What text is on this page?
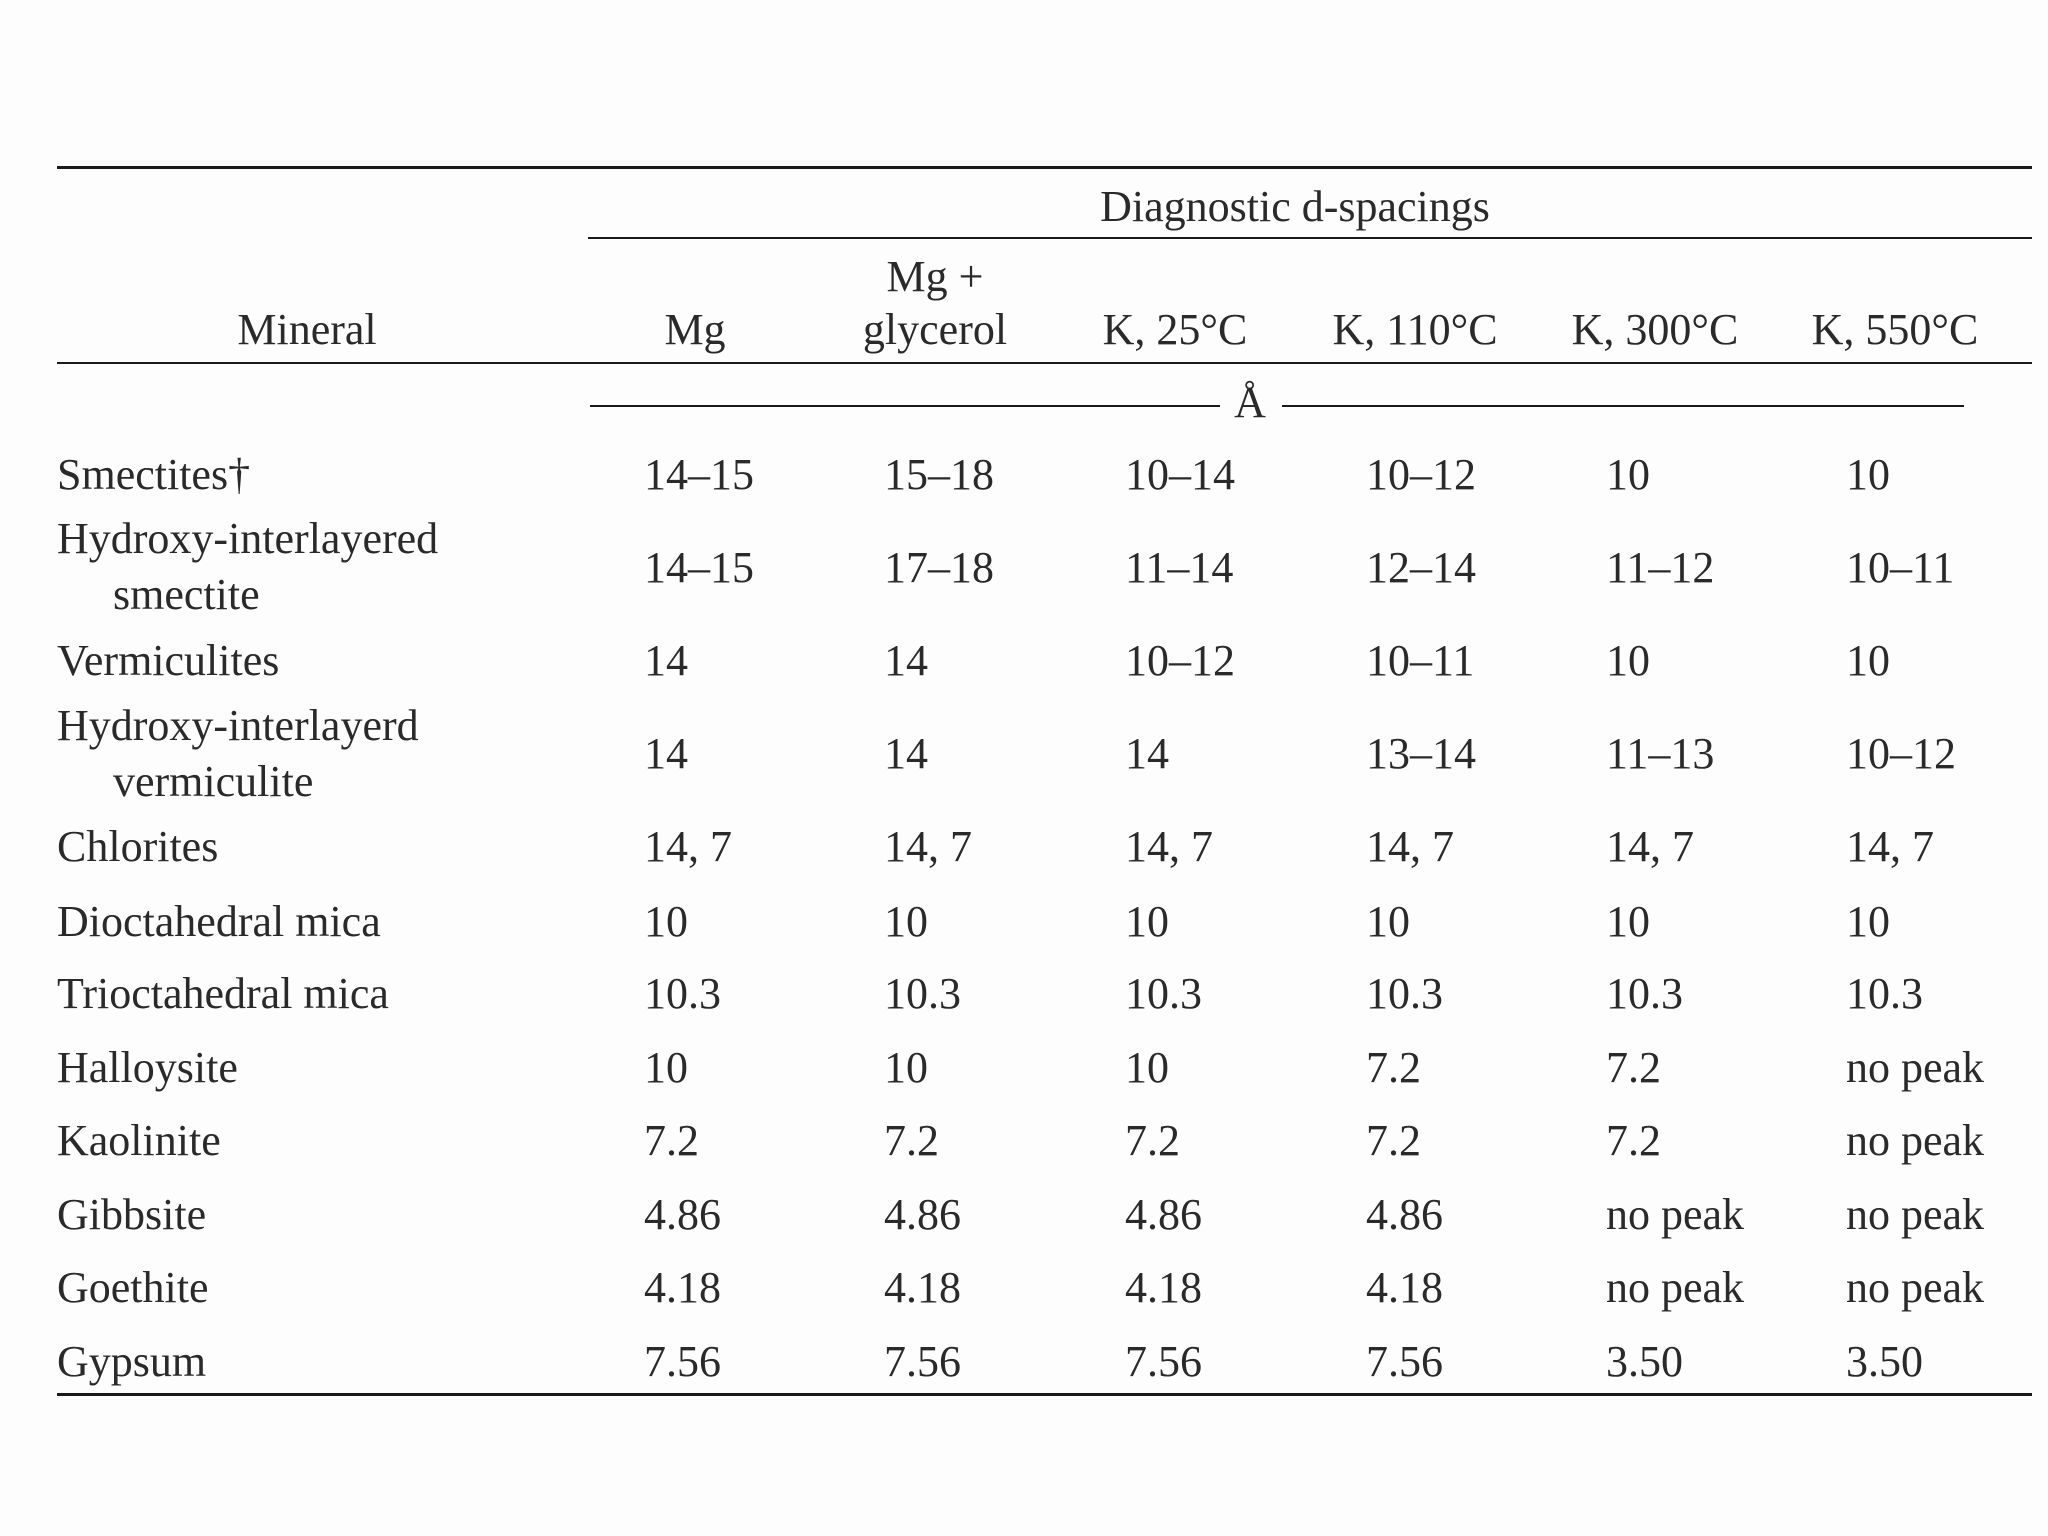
Diagnostic d-spacings
Mineral	Mg
Mg +
glycerol	K, 25°C	K, 110°C	K, 300°C	K, 550°C
Å
Smectites†	14–15	15–18	10–14	10–12	10	10
Hydroxy-interlayered
smectite
14–15	17–18	11–14	12–14	11–12	10–11
Vermiculites	14	14	10–12	10–11	10	10
Hydroxy-interlayerd
vermiculite
14	14	14	13–14	11–13	10–12
Chlorites	14, 7	14, 7	14, 7	14, 7	14, 7	14, 7
Dioctahedral mica	10	10	10	10	10	10
Trioctahedral mica	10.3	10.3	10.3	10.3	10.3	10.3
Halloysite	10	10	10	7.2	7.2	no peak
Kaolinite	7.2	7.2	7.2	7.2	7.2	no peak
Gibbsite	4.86	4.86	4.86	4.86	no peak no peak
Goethite	4.18	4.18	4.18	4.18	no peak no peak
Gypsum	7.56	7.56	7.56	7.56	3.50	3.50
